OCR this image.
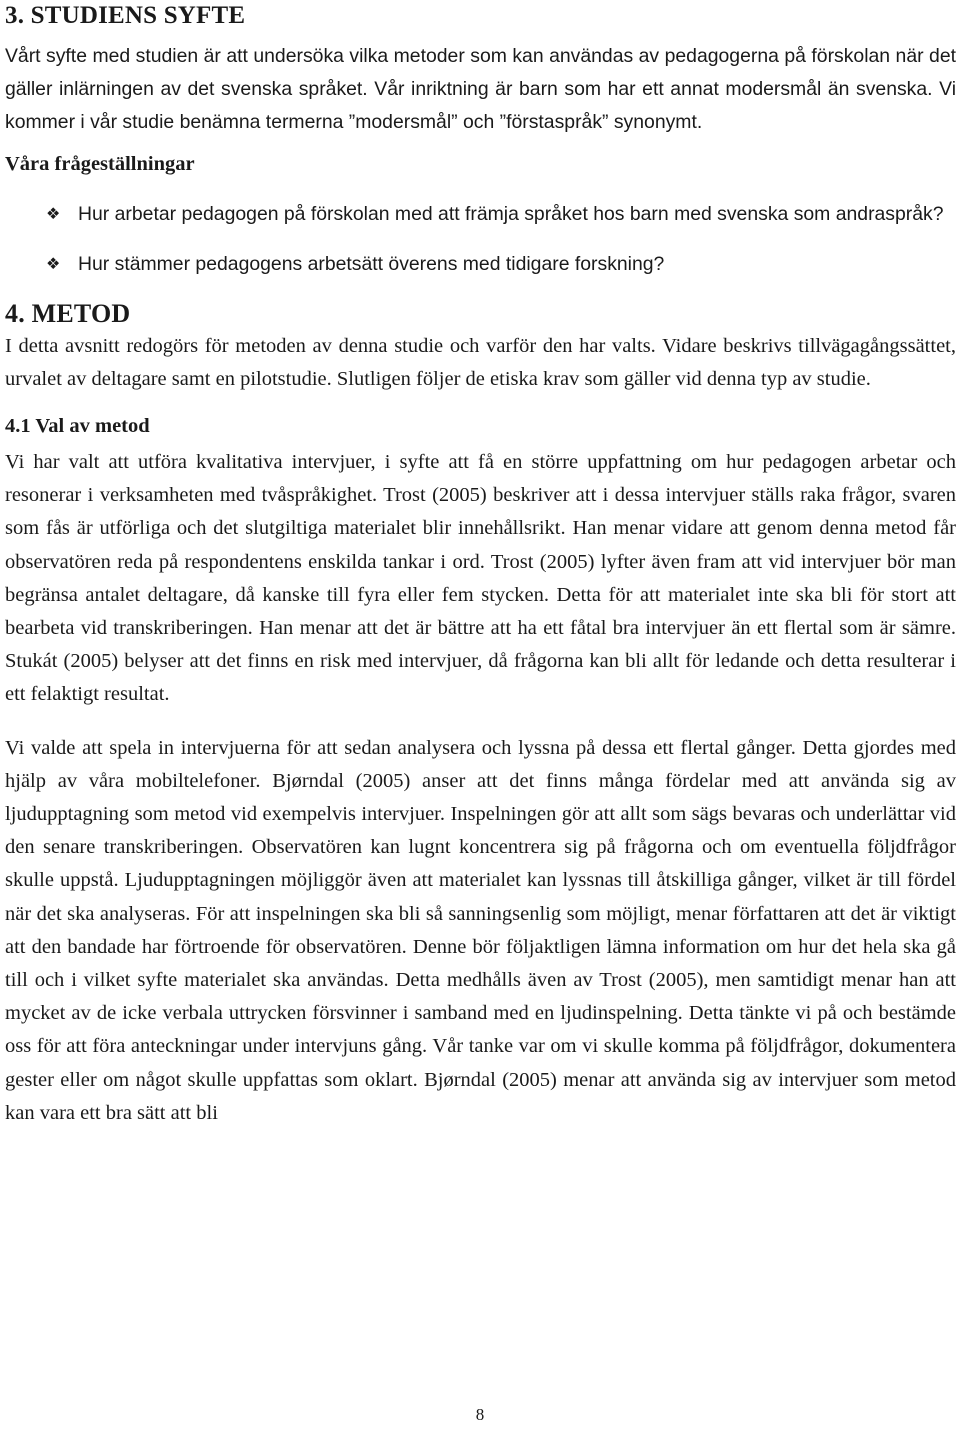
3. STUDIENS SYFTE

Vårt syfte med studien är att undersöka vilka metoder som kan användas av pedagogerna på förskolan när det gäller inlärningen av det svenska språket. Vår inriktning är barn som har ett annat modersmål än svenska. Vi kommer i vår studie benämna termerna ”modersmål” och ”förstaspråk” synonymt.

Våra frågeställningar
❖ Hur arbetar pedagogen på förskolan med att främja språket hos barn med svenska som andraspråk?
❖ Hur stämmer pedagogens arbetsätt överens med tidigare forskning?
4. METOD

I detta avsnitt redogörs för metoden av denna studie och varför den har valts. Vidare beskrivs tillvägagångssättet, urvalet av deltagare samt en pilotstudie. Slutligen följer de etiska krav som gäller vid denna typ av studie.

4.1 Val av metod

Vi har valt att utföra kvalitativa intervjuer, i syfte att få en större uppfattning om hur pedagogen arbetar och resonerar i verksamheten med tvåspråkighet. Trost (2005) beskriver att i dessa intervjuer ställs raka frågor, svaren som fås är utförliga och det slutgiltiga materialet blir innehållsrikt. Han menar vidare att genom denna metod får observatören reda på respondentens enskilda tankar i ord. Trost (2005) lyfter även fram att vid intervjuer bör man begränsa antalet deltagare, då kanske till fyra eller fem stycken. Detta för att materialet inte ska bli för stort att bearbeta vid transkriberingen. Han menar att det är bättre att ha ett fåtal bra intervjuer än ett flertal som är sämre. Stukát (2005) belyser att det finns en risk med intervjuer, då frågorna kan bli allt för ledande och detta resulterar i ett felaktigt resultat.

Vi valde att spela in intervjuerna för att sedan analysera och lyssna på dessa ett flertal gånger. Detta gjordes med hjälp av våra mobiltelefoner. Bjørndal (2005) anser att det finns många fördelar med att använda sig av ljudupptagning som metod vid exempelvis intervjuer. Inspelningen gör att allt som sägs bevaras och underlättar vid den senare transkriberingen. Observatören kan lugnt koncentrera sig på frågorna och om eventuella följdfrågor skulle uppstå. Ljudupptagningen möjliggör även att materialet kan lyssnas till åtskilliga gånger, vilket är till fördel när det ska analyseras. För att inspelningen ska bli så sanningsenlig som möjligt, menar författaren att det är viktigt att den bandade har förtroende för observatören. Denne bör följaktligen lämna information om hur det hela ska gå till och i vilket syfte materialet ska användas. Detta medhålls även av Trost (2005), men samtidigt menar han att mycket av de icke verbala uttrycken försvinner i samband med en ljudinspelning. Detta tänkte vi på och bestämde oss för att föra anteckningar under intervjuns gång. Vår tanke var om vi skulle komma på följdfrågor, dokumentera gester eller om något skulle uppfattas som oklart. Bjørndal (2005) menar att använda sig av intervjuer som metod kan vara ett bra sätt att bli

8
